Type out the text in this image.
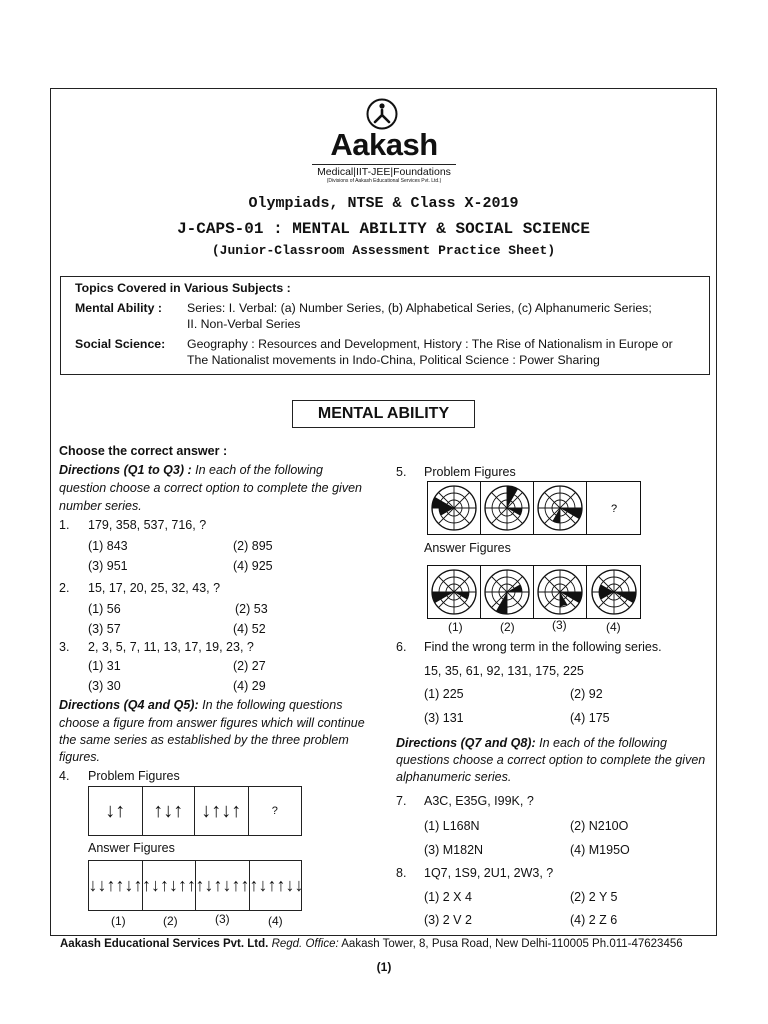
Aakash
Medical|IIT-JEE|Foundations
(Divisions of Aakash Educational Services Pvt. Ltd.)
Olympiads, NTSE & Class X-2019
J-CAPS-01 : MENTAL ABILITY & SOCIAL SCIENCE
(Junior-Classroom Assessment Practice Sheet)
Topics Covered in Various Subjects :
Mental Ability : Series: I. Verbal: (a) Number Series, (b) Alphabetical Series, (c) Alphanumeric Series;
II. Non-Verbal Series
Social Science: Geography : Resources and Development, History : The Rise of Nationalism in Europe or
The Nationalist movements in Indo-China, Political Science : Power Sharing
MENTAL ABILITY
Choose the correct answer :
Directions (Q1 to Q3) : In each of the following
question choose a correct option to complete the given
number series.
1. 179, 358, 537, 716, ?
(1) 843	(2) 895
(3) 951	(4) 925
2. 15, 17, 20, 25, 32, 43, ?
(1) 56	(2) 53
(3) 57	(4) 52
3. 2, 3, 5, 7, 11, 13, 17, 19, 23, ?
(1) 31	(2) 27
(3) 30	(4) 29
Directions (Q4 and Q5): In the following questions
choose a figure from answer figures which will continue
the same series as established by the three problem
figures.
4. Problem Figures
↓↑	↑↓↑ ↓↑↓↑	?
Answer Figures
↓↓↑↑↓↑ ↑↓↑↓↑↑ ↑↓↑↓↑↑ ↑↓↑↑↓↓
(1)	(2)	(3)	(4)
5. Problem Figures
?
Answer Figures
(1)	(2)	(3)	(4)
6. Find the wrong term in the following series.
15, 35, 61, 92, 131, 175, 225
(1) 225	(2) 92
(3) 131	(4) 175
Directions (Q7 and Q8): In each of the following
questions choose a correct option to complete the given
alphanumeric series.
7. A3C, E35G, I99K, ?
(1) L168N	(2) N210O
(3) M182N	(4) M195O
8. 1Q7, 1S9, 2U1, 2W3, ?
(1) 2 X 4	(2) 2 Y 5
(3) 2 V 2	(4) 2 Z 6
Aakash Educational Services Pvt. Ltd. Regd. Office: Aakash Tower, 8, Pusa Road, New Delhi-110005 Ph.011-47623456
(1)
